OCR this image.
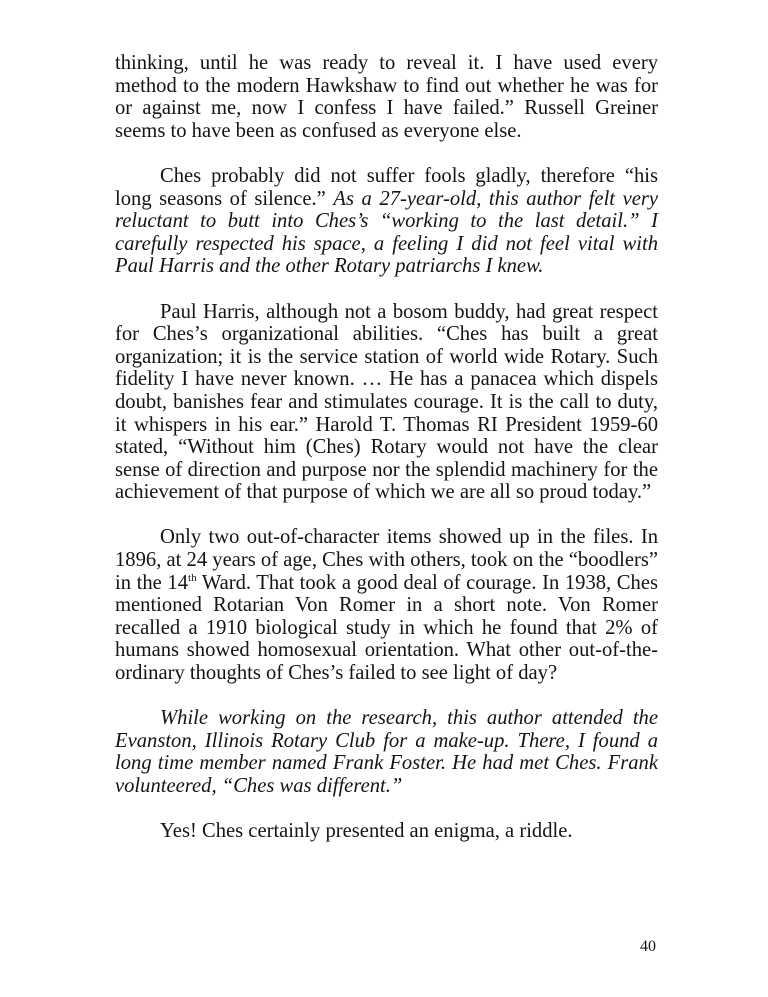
thinking, until he was ready to reveal it. I have used every method to the modern Hawkshaw to find out whether he was for or against me, now I confess I have failed.” Russell Greiner seems to have been as confused as everyone else.

Ches probably did not suffer fools gladly, therefore “his long seasons of silence.” As a 27-year-old, this author felt very reluctant to butt into Ches’s “working to the last detail.” I carefully respected his space, a feeling I did not feel vital with Paul Harris and the other Rotary patriarchs I knew.

Paul Harris, although not a bosom buddy, had great respect for Ches’s organizational abilities. “Ches has built a great organization; it is the service station of world wide Rotary. Such fidelity I have never known. … He has a panacea which dispels doubt, banishes fear and stimulates courage. It is the call to duty, it whispers in his ear.” Harold T. Thomas RI President 1959-60 stated, “Without him (Ches) Rotary would not have the clear sense of direction and purpose nor the splendid machinery for the achievement of that purpose of which we are all so proud today.”

Only two out-of-character items showed up in the files. In 1896, at 24 years of age, Ches with others, took on the “boodlers” in the 14th Ward. That took a good deal of courage. In 1938, Ches mentioned Rotarian Von Romer in a short note. Von Romer recalled a 1910 biological study in which he found that 2% of humans showed homosexual orientation. What other out-of-the-ordinary thoughts of Ches’s failed to see light of day?

While working on the research, this author attended the Evanston, Illinois Rotary Club for a make-up. There, I found a long time member named Frank Foster. He had met Ches. Frank volunteered, “Ches was different.”

Yes! Ches certainly presented an enigma, a riddle.

40
